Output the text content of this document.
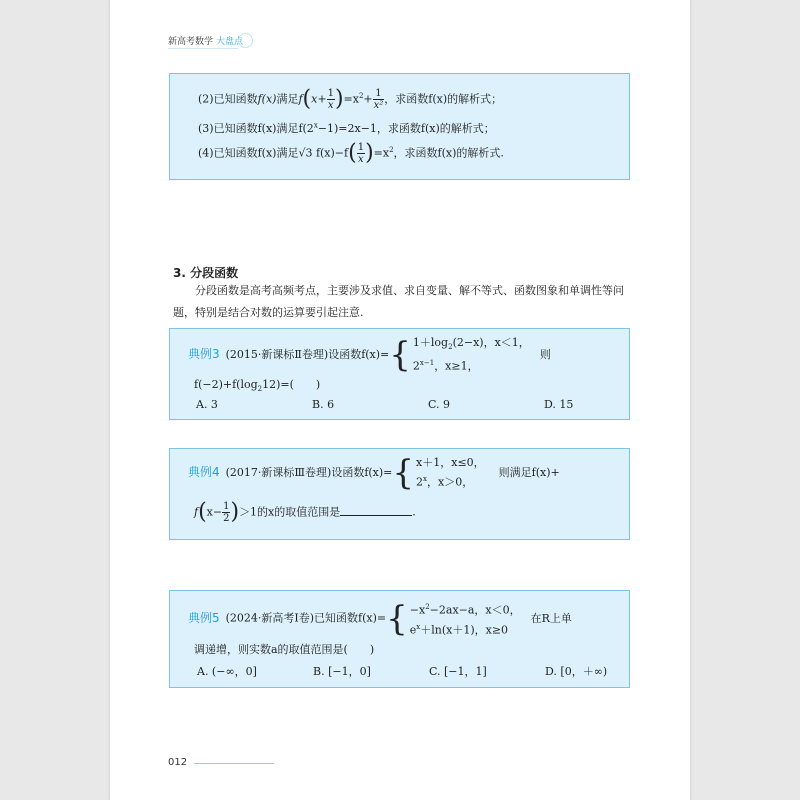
新高考数学 大盘点
(2)已知函数f(x)满足$f(x+ \frac{1}{x} )=x^2+ \frac{1}{\text{x²}}$ ，求函数f(x)的解析式；
(3)已知函数f(x)满足$f(2^x-1)=2x-1$，求函数f(x)的解析式；
(4)已知函数f(x)满足√3 $f(x)-f( \frac{1}{x} )=x^2$，求函数f(x)的解析式.
3. 分段函数
分段函数是高考高频考点，主要涉及求值、求自变量、解不等式、函数图象和单调性等问题，特别是结合对数的运算要引起注意.
典例3 (2015·新课标Ⅱ卷理)设函数f(x)={ $1+\log_2(2-x)$，x＜1，
$2^{x-1}$，x≥1，
则
$f(-2)+f(\log_212)=$(　　)
A. 3	B. 6	C. 9	D. 15
典例4 (2017·新课标Ⅲ卷理)设函数f(x)={ x＋1，x≤0，
2$^x$，x＞0，
则满足f(x)+
$f(x- \frac{1}{2} )>1$的x的取值范围是	.
典例5 (2024·新高考Ⅰ卷)已知函数$f(x)=\{ -x^2-2ax-a$，x＜0，
$e^x+\ln(x+1)$，x≥0
在R上单
调递增，则实数a的取值范围是(　　)
A. (−∞，0]	B. [−1，0]	C. [−1，1]	D. [0，＋∞)
012
